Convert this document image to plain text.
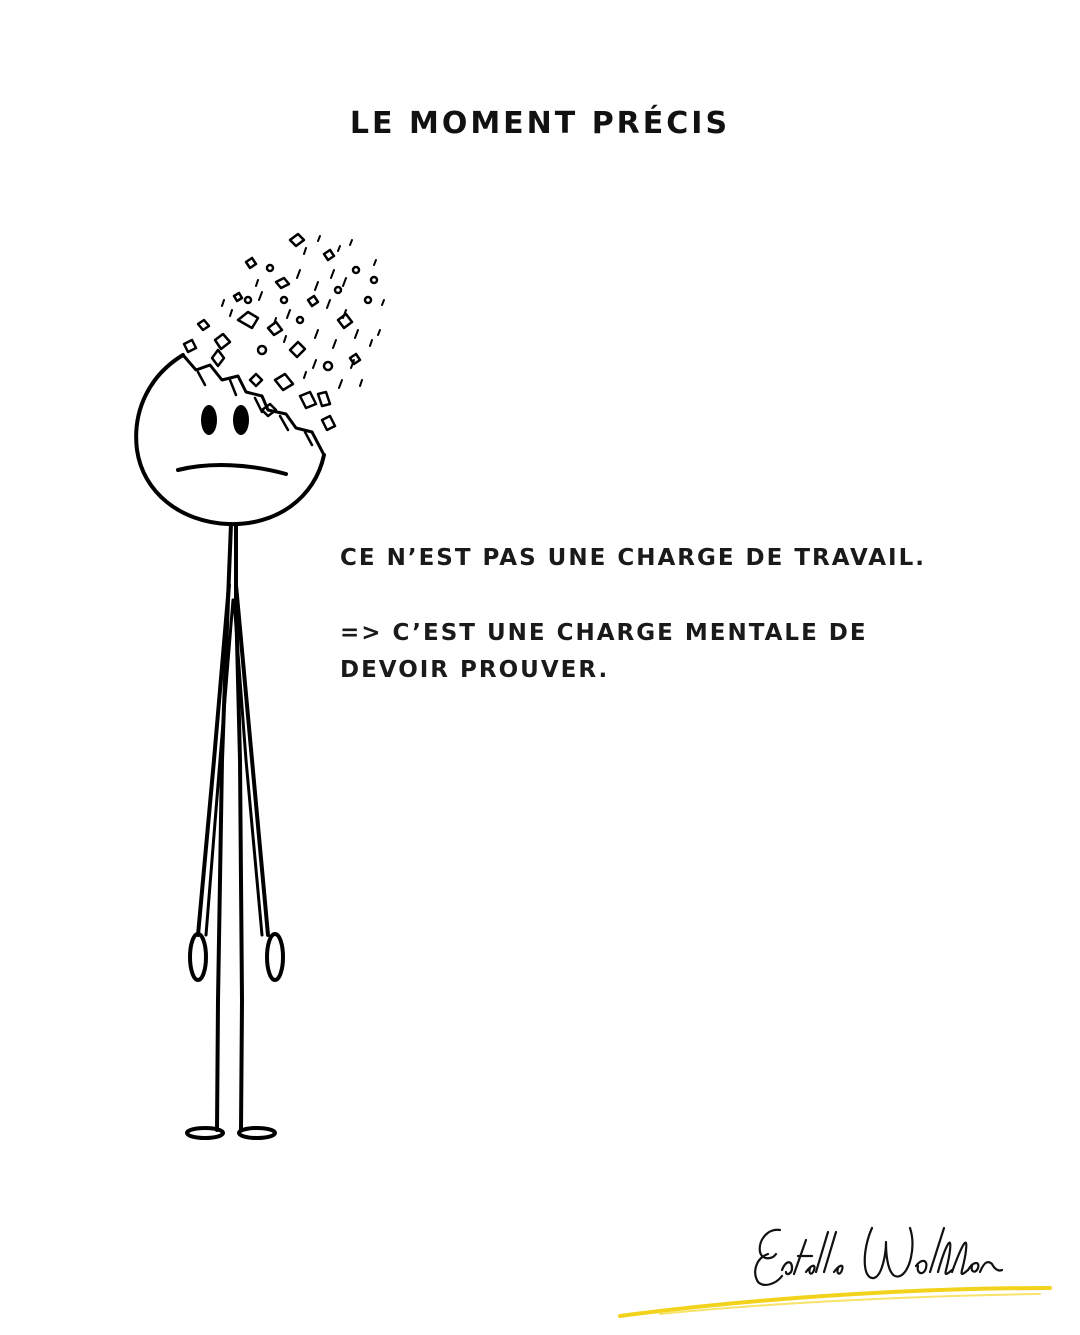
LE MOMENT PRÉCIS

CE N’EST PAS UNE CHARGE DE TRAVAIL.

=> C’EST UNE CHARGE MENTALE DE DEVOIR PROUVER.
